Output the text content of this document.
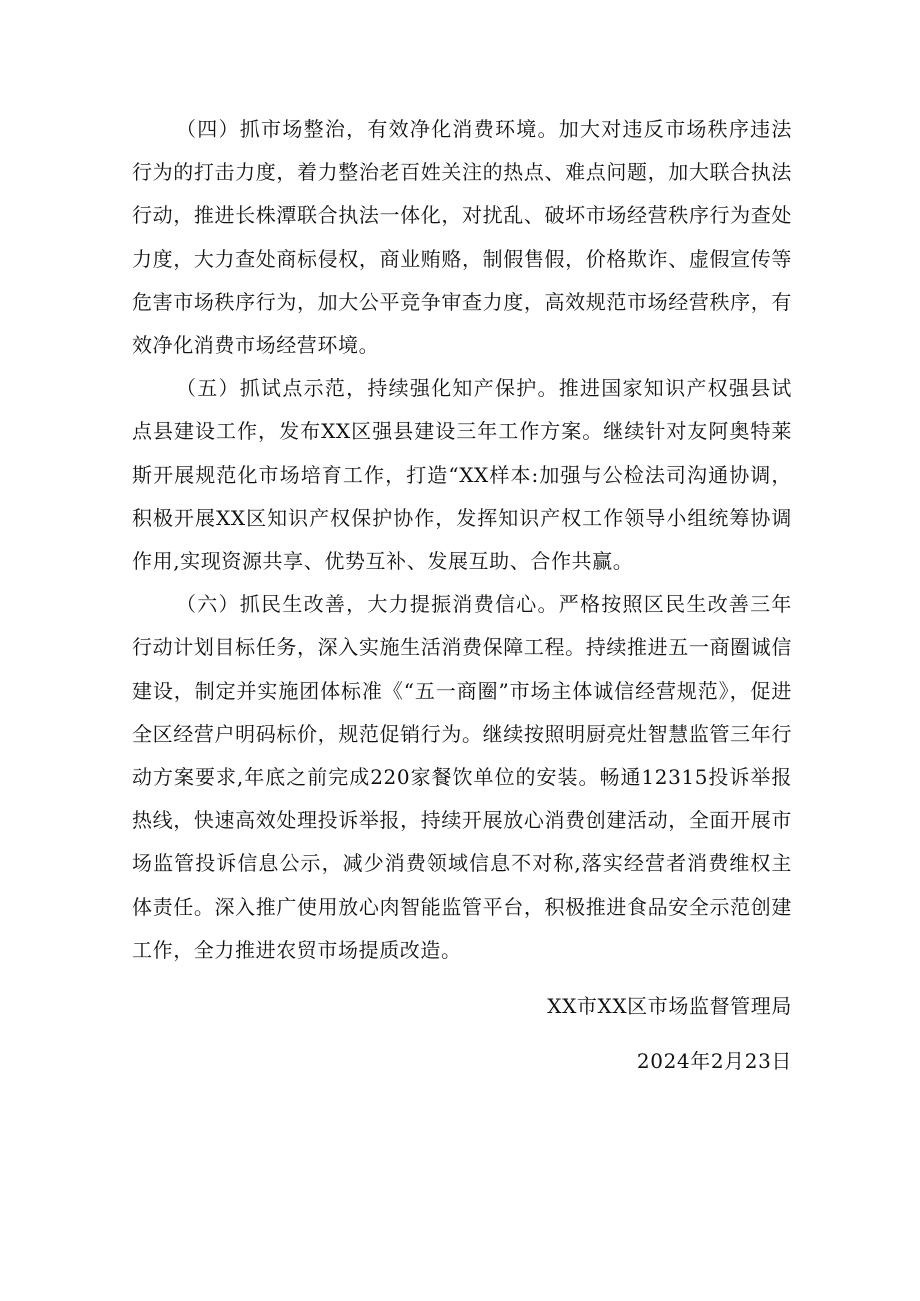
（四）抓市场整治，有效净化消费环境。加大对违反市场秩序违法行为的打击力度，着力整治老百姓关注的热点、难点问题，加大联合执法行动，推进长株潭联合执法一体化，对扰乱、破坏市场经营秩序行为查处力度，大力查处商标侵权，商业贿赂，制假售假，价格欺诈、虚假宣传等危害市场秩序行为，加大公平竞争审查力度，高效规范市场经营秩序，有效净化消费市场经营环境。

（五）抓试点示范，持续强化知产保护。推进国家知识产权强县试点县建设工作，发布XX区强县建设三年工作方案。继续针对友阿奥特莱斯开展规范化市场培育工作，打造“XX样本:加强与公检法司沟通协调，积极开展XX区知识产权保护协作，发挥知识产权工作领导小组统筹协调作用,实现资源共享、优势互补、发展互助、合作共赢。

（六）抓民生改善，大力提振消费信心。严格按照区民生改善三年行动计划目标任务，深入实施生活消费保障工程。持续推进五一商圈诚信建设，制定并实施团体标准《“五一商圈”市场主体诚信经营规范》，促进全区经营户明码标价，规范促销行为。继续按照明厨亮灶智慧监管三年行动方案要求,年底之前完成220家餐饮单位的安装。畅通12315投诉举报热线，快速高效处理投诉举报，持续开展放心消费创建活动，全面开展市场监管投诉信息公示，减少消费领域信息不对称,落实经营者消费维权主体责任。深入推广使用放心肉智能监管平台，积极推进食品安全示范创建工作，全力推进农贸市场提质改造。

XX市XX区市场监督管理局
2024年2月23日
